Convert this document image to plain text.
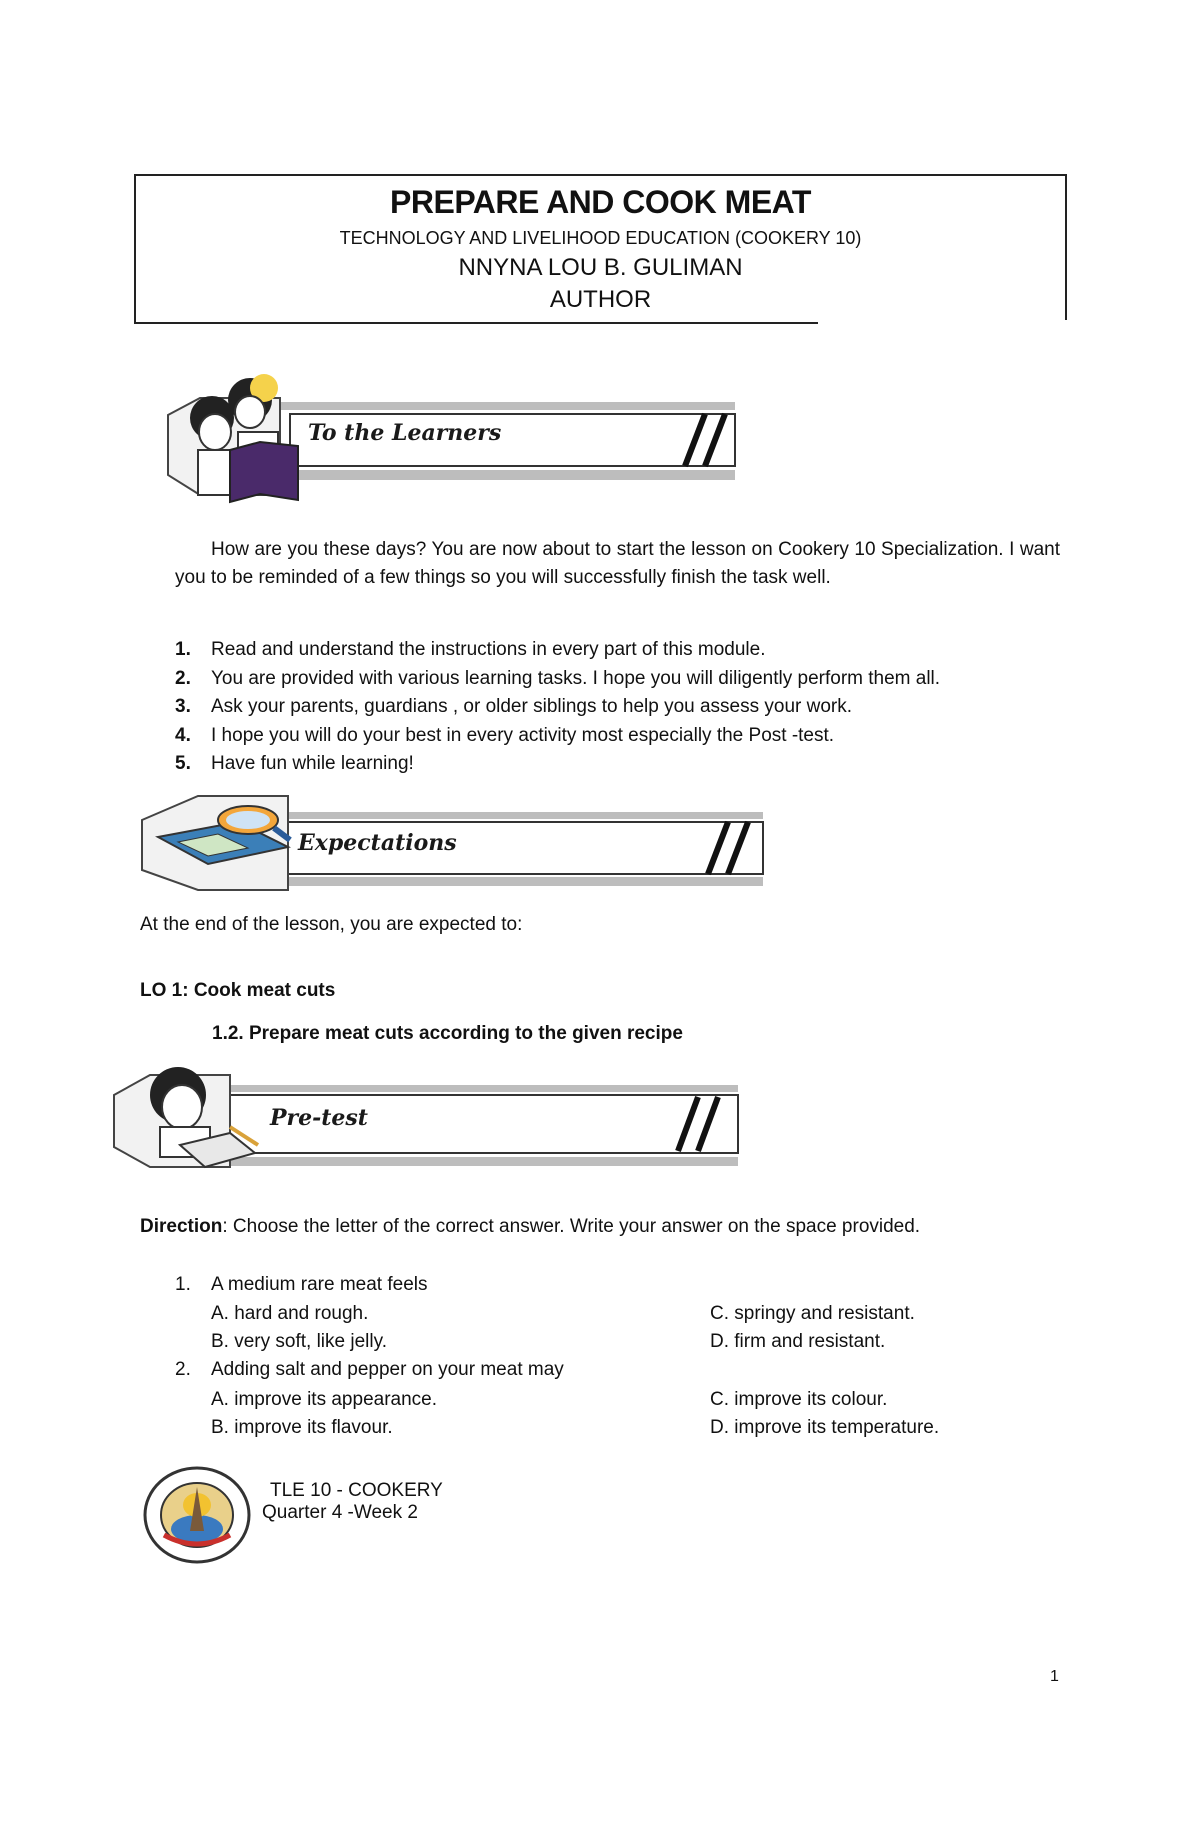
PREPARE AND COOK MEAT
TECHNOLOGY AND LIVELIHOOD EDUCATION (COOKERY 10)
NNYNA LOU B. GULIMAN
AUTHOR
To the Learners
How are you these days? You are now about to start the lesson on Cookery 10 Specialization. I want you to be reminded of a few things so you will successfully finish the task well.
1. Read and understand the instructions in every part of this module.
2. You are provided with various learning tasks. I hope you will diligently perform them all.
3. Ask your parents, guardians , or older siblings to help you assess your work.
4. I hope you will do your best in every activity most especially the Post -test.
5. Have fun while learning!
Expectations
At the end of the lesson, you are expected to:
LO 1: Cook meat cuts
1.2. Prepare meat cuts according to the given recipe
Pre-test
Direction: Choose the letter of the correct answer. Write your answer on the space provided.
1. A medium rare meat feels
A. hard and rough.
B. very soft, like jelly.
C. springy and resistant.
D. firm and resistant.
2. Adding salt and pepper on your meat may
A. improve its appearance.
B. improve its flavour.
C. improve its colour.
D. improve its temperature.
TLE 10 - COOKERY
Quarter 4 -Week 2
1
